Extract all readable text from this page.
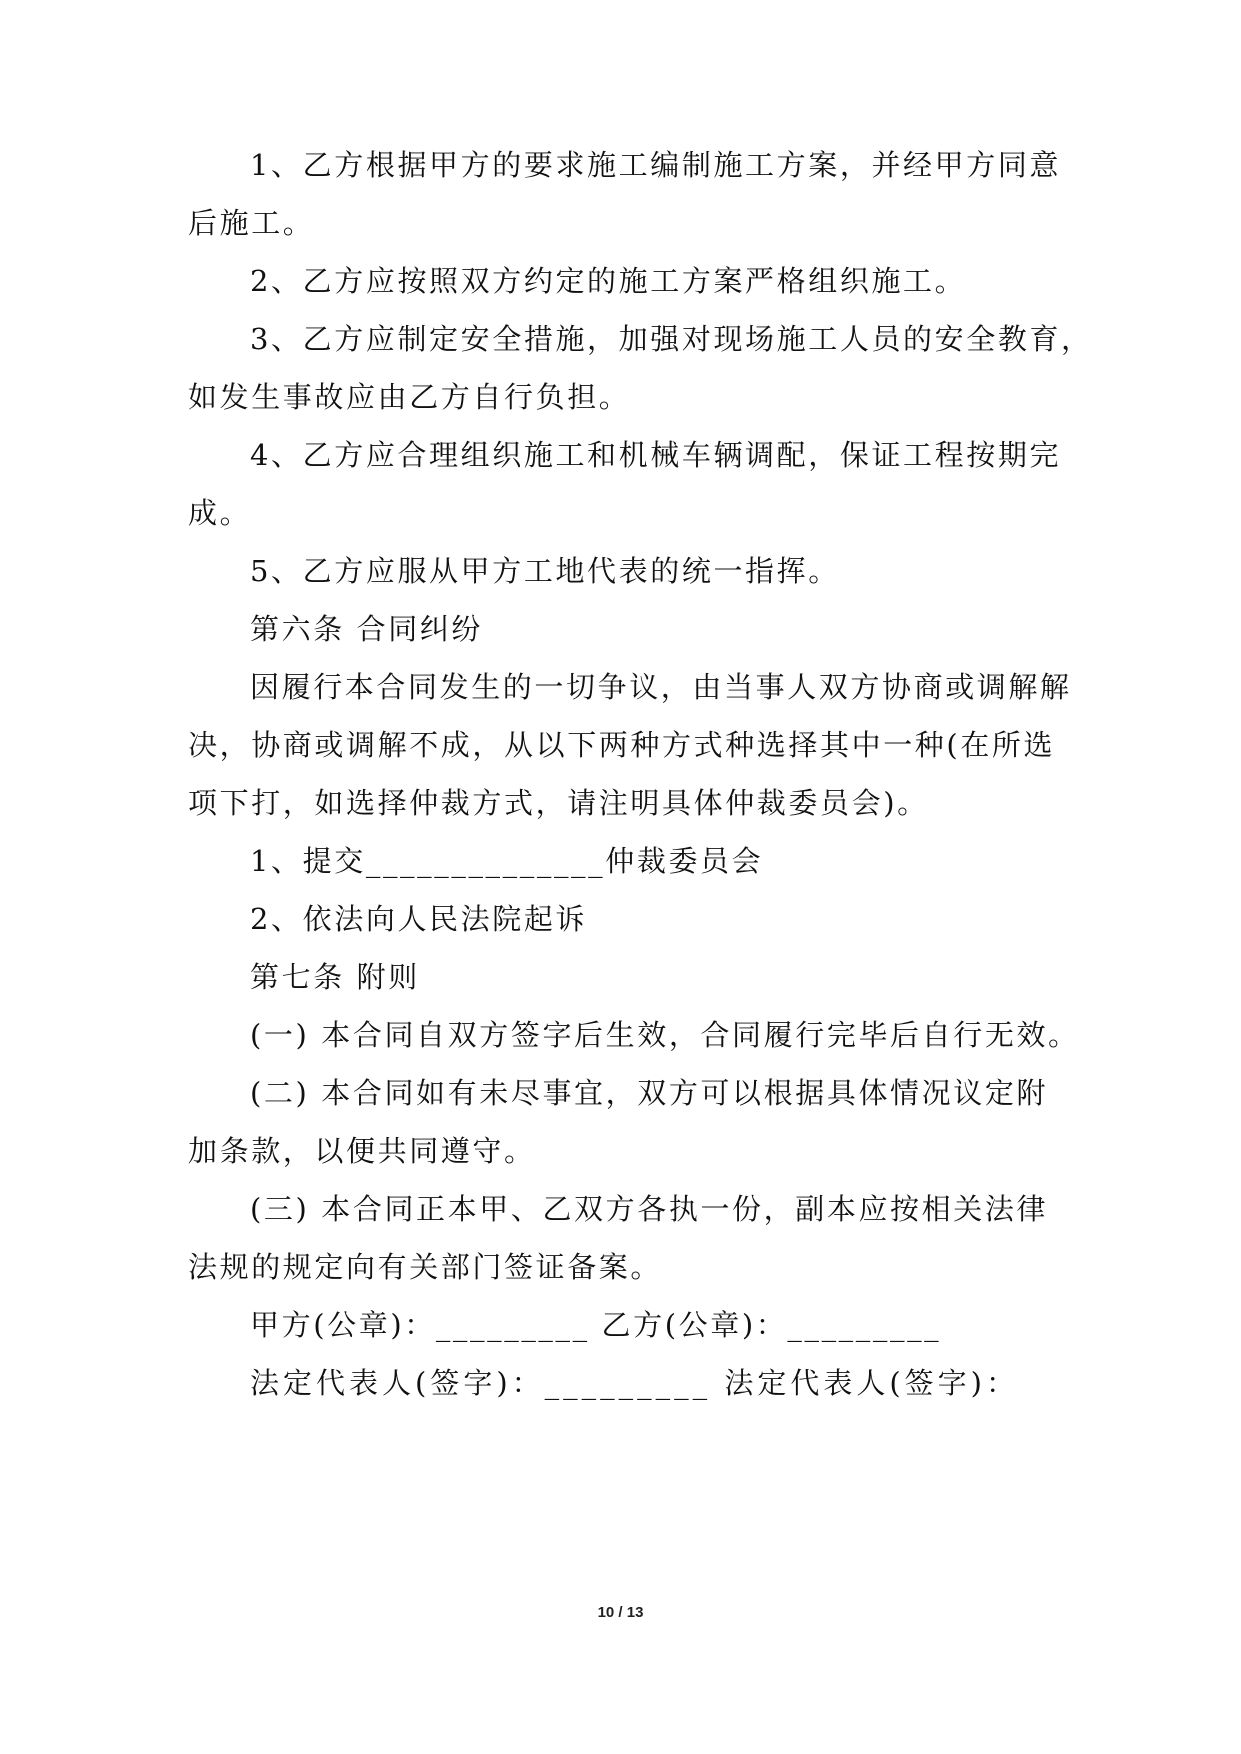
1、乙方根据甲方的要求施工编制施工方案，并经甲方同意

后施工。

2、乙方应按照双方约定的施工方案严格组织施工。

3、乙方应制定安全措施，加强对现场施工人员的安全教育，

如发生事故应由乙方自行负担。

4、乙方应合理组织施工和机械车辆调配，保证工程按期完

成。

5、乙方应服从甲方工地代表的统一指挥。

第六条 合同纠纷

因履行本合同发生的一切争议，由当事人双方协商或调解解

决，协商或调解不成，从以下两种方式种选择其中一种(在所选

项下打，如选择仲裁方式，请注明具体仲裁委员会)。

1、提交______________仲裁委员会

2、依法向人民法院起诉

第七条 附则

(一) 本合同自双方签字后生效，合同履行完毕后自行无效。

(二) 本合同如有未尽事宜，双方可以根据具体情况议定附

加条款，以便共同遵守。

(三) 本合同正本甲、乙双方各执一份，副本应按相关法律

法规的规定向有关部门签证备案。

甲方(公章)：_________ 乙方(公章)：_________

法定代表人(签字)：_________ 法定代表人(签字)：

10 / 13
